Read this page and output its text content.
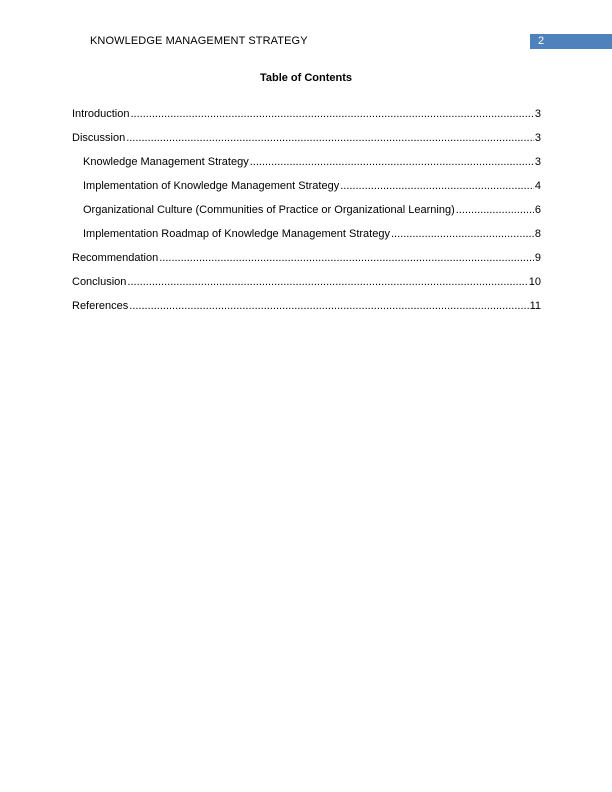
KNOWLEDGE MANAGEMENT STRATEGY	2
Table of Contents
Introduction .....	3
Discussion .....	3
Knowledge Management Strategy .....	3
Implementation of Knowledge Management Strategy .....	4
Organizational Culture (Communities of Practice or Organizational Learning) .....	6
Implementation Roadmap of Knowledge Management Strategy .....	8
Recommendation .....	9
Conclusion .....	10
References .....	11
